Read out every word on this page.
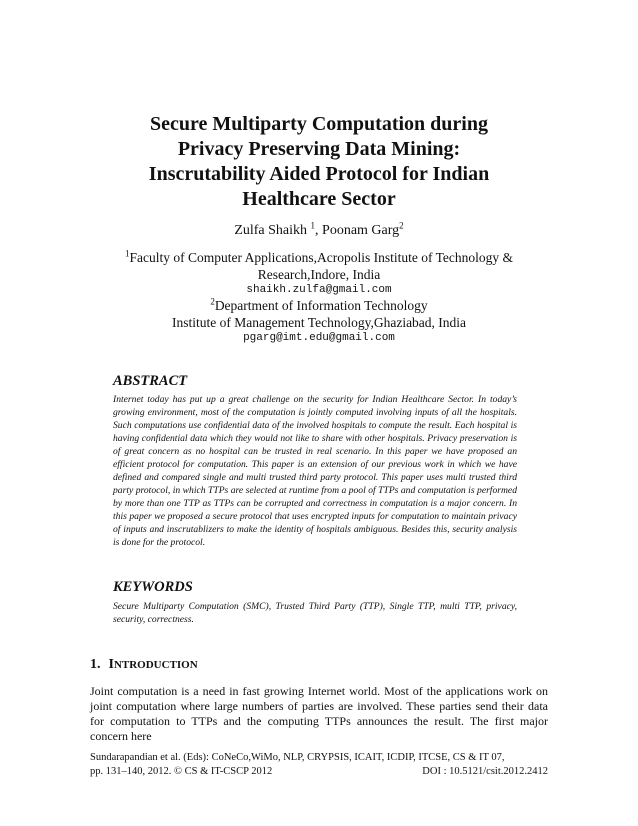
Secure Multiparty Computation during
Privacy Preserving Data Mining:
Inscrutability Aided Protocol for Indian
Healthcare Sector
Zulfa Shaikh $^1$, Poonam Garg$^2$
$^1$Faculty of Computer Applications,Acropolis Institute of Technology &
Research,Indore, India
shaikh.zulfa@gmail.com
$^2$Department of Information Technology
Institute of Management Technology,Ghaziabad, India
pgarg@imt.edu@gmail.com
ABSTRACT
Internet today has put up a great challenge on the security for Indian Healthcare Sector. In today’s growing environment, most of the computation is jointly computed involving inputs of all the hospitals. Such computations use confidential data of the involved hospitals to compute the result. Each hospital is having confidential data which they would not like to share with other hospitals. Privacy preservation is of great concern as no hospital can be trusted in real scenario. In this paper we have proposed an efficient protocol for computation. This paper is an extension of our previous work in which we have defined and compared single and multi trusted third party protocol. This paper uses multi trusted third party protocol, in which TTPs are selected at runtime from a pool of TTPs and computation is performed by more than one TTP as TTPs can be corrupted and correctness in computation is a major concern. In this paper we proposed a secure protocol that uses encrypted inputs for computation to maintain privacy of inputs and inscrutablizers to make the identity of hospitals ambiguous. Besides this, security analysis is done for the protocol.
KEYWORDS
Secure Multiparty Computation (SMC), Trusted Third Party (TTP), Single TTP, multi TTP, privacy, security, correctness.
1. INTRODUCTION
Joint computation is a need in fast growing Internet world. Most of the applications work on joint computation where large numbers of parties are involved. These parties send their data for computation to TTPs and the computing TTPs announces the result. The first major concern here
Sundarapandian et al. (Eds): CoNeCo,WiMo, NLP, CRYPSIS, ICAIT, ICDIP, ITCSE, CS & IT 07,
pp. 131–140, 2012. © CS & IT-CSCP 2012	DOI : 10.5121/csit.2012.2412
